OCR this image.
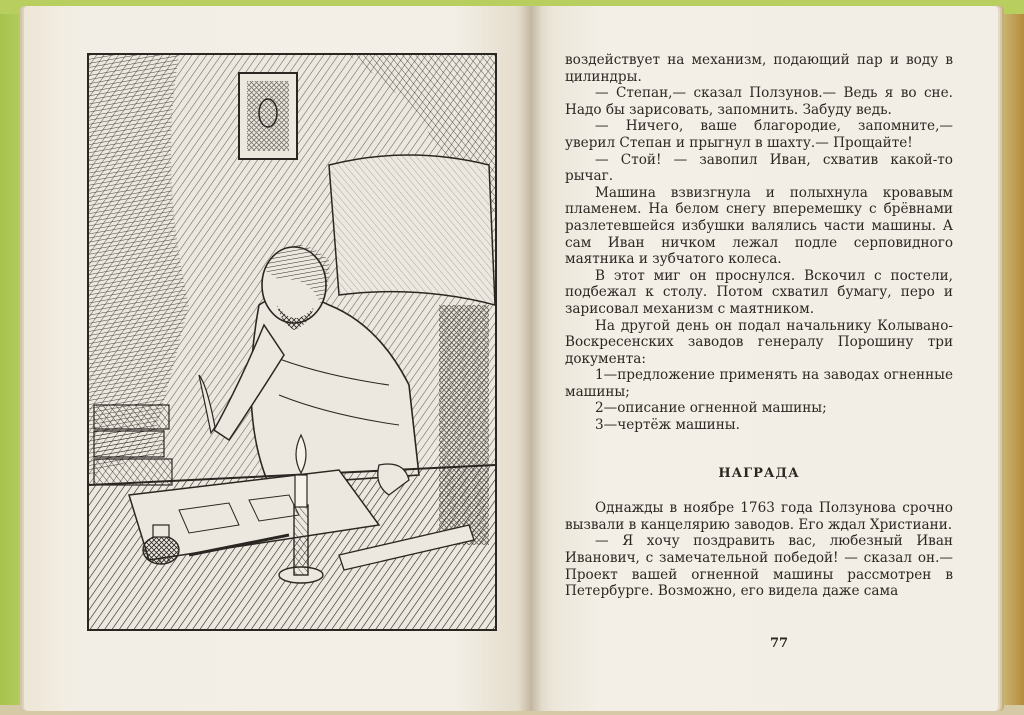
воздействует на механизм, подающий пар и воду в цилиндры.

— Степан,— сказал Ползунов.— Ведь я во сне. Надо бы зарисовать, запомнить. Забуду ведь.

— Ничего, ваше благородие, запомните,— уверил Степан и прыгнул в шахту.— Прощайте!

— Стой! — завопил Иван, схватив какой-то рычаг.

Машина взвизгнула и полыхнула кровавым пламенем. На белом снегу вперемешку с брёвнами разлетевшейся избушки валялись части машины. А сам Иван ничком лежал подле серповидного маятника и зубчатого колеса.

В этот миг он проснулся. Вскочил с постели, подбежал к столу. Потом схватил бумагу, перо и зарисовал механизм с маятником.

На другой день он подал начальнику Колывано-Воскресенских заводов генералу Порошину три документа:

1—предложение применять на заводах огненные машины;

2—описание огненной машины;

3—чертёж машины.

НАГРАДА

Однажды в ноябре 1763 года Ползунова срочно вызвали в канцелярию заводов. Его ждал Христиани.

— Я хочу поздравить вас, любезный Иван Иванович, с замечательной победой! — сказал он.— Проект вашей огненной машины рассмотрен в Петербурге. Возможно, его видела даже сама

77
